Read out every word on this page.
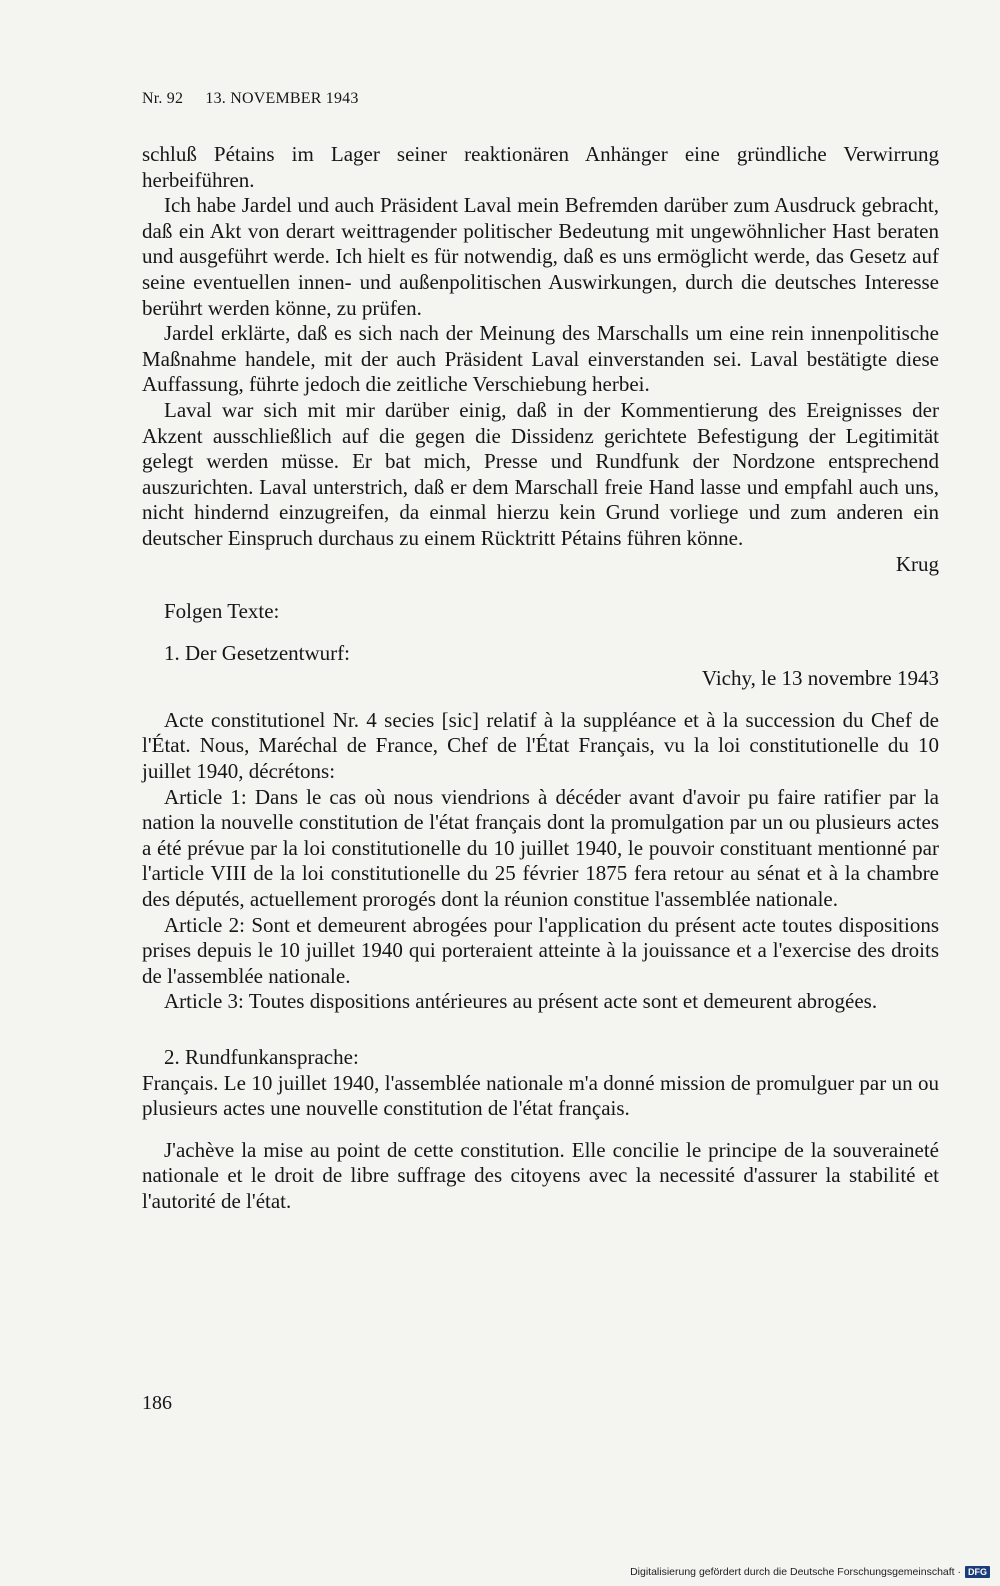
Nr. 92 13. NOVEMBER 1943

schluß Pétains im Lager seiner reaktionären Anhänger eine gründliche Verwirrung herbeiführen.

Ich habe Jardel und auch Präsident Laval mein Befremden darüber zum Ausdruck gebracht, daß ein Akt von derart weittragender politischer Bedeutung mit ungewöhnlicher Hast beraten und ausgeführt werde. Ich hielt es für notwendig, daß es uns ermöglicht werde, das Gesetz auf seine eventuellen innen- und außenpolitischen Auswirkungen, durch die deutsches Interesse berührt werden könne, zu prüfen.

Jardel erklärte, daß es sich nach der Meinung des Marschalls um eine rein innenpolitische Maßnahme handele, mit der auch Präsident Laval einverstanden sei. Laval bestätigte diese Auffassung, führte jedoch die zeitliche Verschiebung herbei.

Laval war sich mit mir darüber einig, daß in der Kommentierung des Ereignisses der Akzent ausschließlich auf die gegen die Dissidenz gerichtete Befestigung der Legitimität gelegt werden müsse. Er bat mich, Presse und Rundfunk der Nordzone entsprechend auszurichten. Laval unterstrich, daß er dem Marschall freie Hand lasse und empfahl auch uns, nicht hindernd einzugreifen, da einmal hierzu kein Grund vorliege und zum anderen ein deutscher Einspruch durchaus zu einem Rücktritt Pétains führen könne.

Krug

Folgen Texte:

1. Der Gesetzentwurf:

Vichy, le 13 novembre 1943

Acte constitutionel Nr. 4 secies [sic] relatif à la suppléance et à la succession du Chef de l'État. Nous, Maréchal de France, Chef de l'État Français, vu la loi constitutionelle du 10 juillet 1940, décrétons:

Article 1: Dans le cas où nous viendrions à décéder avant d'avoir pu faire ratifier par la nation la nouvelle constitution de l'état français dont la promulgation par un ou plusieurs actes a été prévue par la loi constitutionelle du 10 juillet 1940, le pouvoir constituant mentionné par l'article VIII de la loi constitutionelle du 25 février 1875 fera retour au sénat et à la chambre des députés, actuellement prorogés dont la réunion constitue l'assemblée nationale.

Article 2: Sont et demeurent abrogées pour l'application du présent acte toutes dispositions prises depuis le 10 juillet 1940 qui porteraient atteinte à la jouissance et a l'exercise des droits de l'assemblée nationale.

Article 3: Toutes dispositions antérieures au présent acte sont et demeurent abrogées.

2. Rundfunkansprache:

Français. Le 10 juillet 1940, l'assemblée nationale m'a donné mission de promulguer par un ou plusieurs actes une nouvelle constitution de l'état français.

J'achève la mise au point de cette constitution. Elle concilie le principe de la souveraineté nationale et le droit de libre suffrage des citoyens avec la necessité d'assurer la stabilité et l'autorité de l'état.

186
Digitalisierung gefördert durch die Deutsche Forschungsgemeinschaft · DFG
